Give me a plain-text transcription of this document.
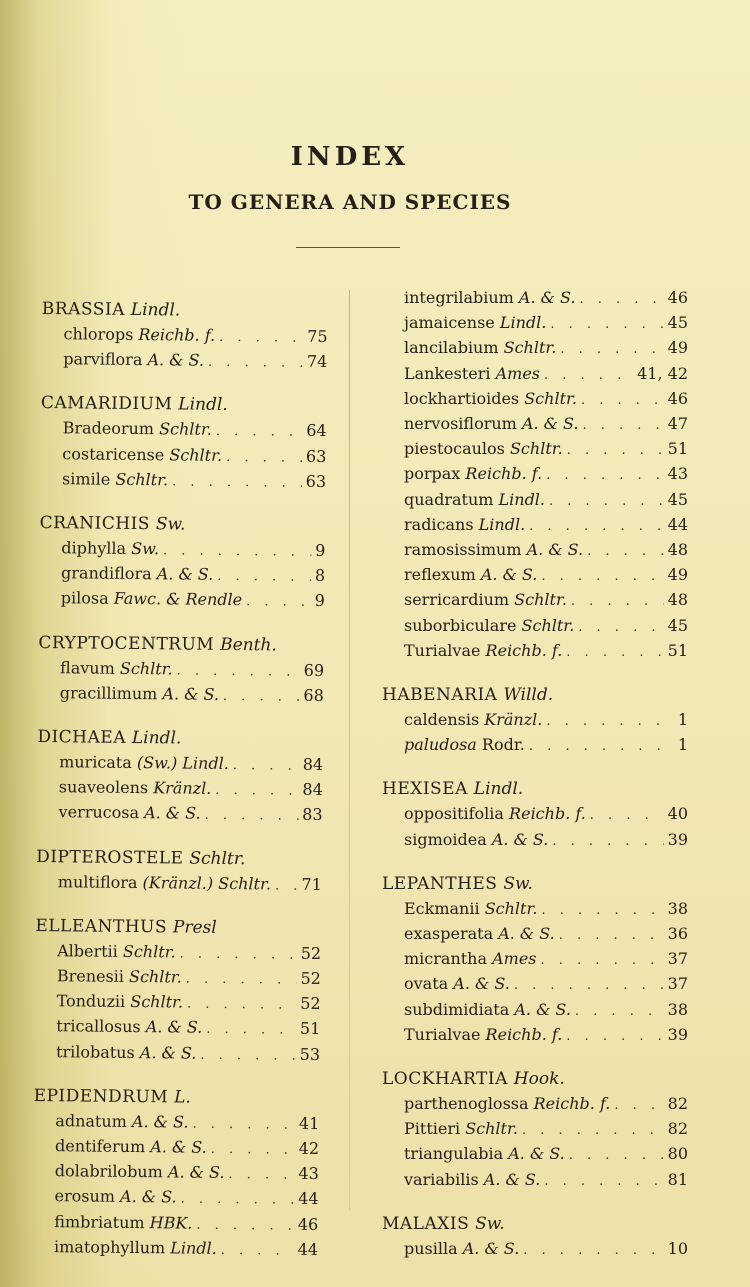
INDEX
TO GENERA AND SPECIES
BRASSIA Lindl.
chlorops Reichb. f. . . .	75
parviflora A. & S. . . .	74
CAMARIDIUM Lindl.
Bradeorum Schltr. . . .	64
costaricense Schltr. . . .	63
simile Schltr. . . .	63
CRANICHIS Sw.
diphylla Sw. . . .	9
grandiflora A. & S. . . .	8
pilosa Fawc. & Rendle . . .	9
CRYPTOCENTRUM Benth.
flavum Schltr. . . .	69
gracillimum A. & S. . . .	68
DICHAEA Lindl.
muricata (Sw.) Lindl. . . .	84
suaveolens Kränzl. . . .	84
verrucosa A. & S. . . .	83
DIPTEROSTELE Schltr.
multiflora (Kränzl.) Schltr. . . . 71
ELLEANTHUS Presl
Albertii Schltr. . . .	52
Brenesii Schltr. . . .	52
Tonduzii Schltr. . . .	52
tricallosus A. & S. . . .	51
trilobatus A. & S. . . .	53
EPIDENDRUM L.
adnatum A. & S. . . .	41
dentiferum A. & S. . . .	42
dolabrilobum A. & S. . . .	43
erosum A. & S. . . .	44
fimbriatum HBK. . . .	46
imatophyllum Lindl. . . .	44
integrilabium A. & S. . . .	46
jamaicense Lindl. . . .	45
lancilabium Schltr. . . .	49
Lankesteri Ames . . .	41, 42
lockhartioides Schltr. . . .	46
nervosiflorum A. & S. . . .	47
piestocaulos Schltr. . . .	51
porpax Reichb. f. . . .	43
quadratum Lindl. . . .	45
radicans Lindl. . . .	44
ramosissimum A. & S. . . .	48
reflexum A. & S. . . .	49
serricardium Schltr. . . .	48
suborbiculare Schltr. . . .	45
Turialvae Reichb. f. . . .	51
HABENARIA Willd.
caldensis Kränzl. . . .	1
paludosa Rodr. . . .	1
HEXISEA Lindl.
oppositifolia Reichb. f. . . .	40
sigmoidea A. & S. . . .	39
LEPANTHES Sw.
Eckmanii Schltr. . . .	38
exasperata A. & S. . . .	36
micrantha Ames . . .	37
ovata A. & S. . . .	37
subdimidiata A. & S. . . .	38
Turialvae Reichb. f. . . .	39
LOCKHARTIA Hook.
parthenoglossa Reichb. f. . . .	82
Pittieri Schltr. . . .	82
triangulabia A. & S. . . .	80
variabilis A. & S. . . .	81
MALAXIS Sw.
pusilla A. & S. . . .	10
